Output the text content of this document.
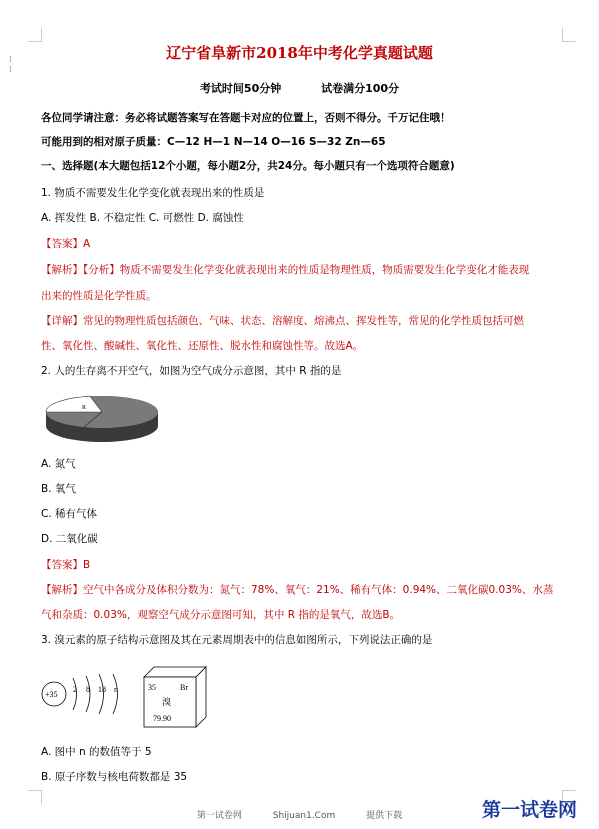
⁞
⁞
辽宁省阜新市2018年中考化学真题试题
考试时间50分钟	试卷满分100分
各位同学请注意：务必将试题答案写在答题卡对应的位置上，否则不得分。千万记住哦！
可能用到的相对原子质量：C—12 H—1 N—14 O—16 S—32 Zn—65
一、选择题(本大题包括12个小题，每小题2分，共24分。每小题只有一个选项符合题意)
1. 物质不需要发生化学变化就表现出来的性质是
A. 挥发性 B. 不稳定性 C. 可燃性 D. 腐蚀性
【答案】A
【解析】【分析】物质不需要发生化学变化就表现出来的性质是物理性质，物质需要发生化学变化才能表现
出来的性质是化学性质。
【详解】常见的物理性质包括颜色、气味、状态、溶解度、熔沸点、挥发性等，常见的化学性质包括可燃
性、氧化性、酸碱性、氧化性、还原性、脱水性和腐蚀性等。故选A。
2. 人的生存离不开空气，如图为空气成分示意图，其中 R 指的是
R
A. 氮气
B. 氧气
C. 稀有气体
D. 二氧化碳
【答案】B
【解析】空气中各成分及体积分数为：氮气：78%、氧气：21%、稀有气体：0.94%、二氧化碳0.03%、水蒸
气和杂质：0.03%，观察空气成分示意图可知，其中 R 指的是氧气，故选B。
3. 溴元素的原子结构示意图及其在元素周期表中的信息如图所示，下列说法正确的是
+35
2 8 18 n	35	Br
溴
79.90
A. 图中 n 的数值等于 5
B. 原子序数与核电荷数都是 35
第一试卷网	Shijuan1.Com	提供下载	第一试卷网
